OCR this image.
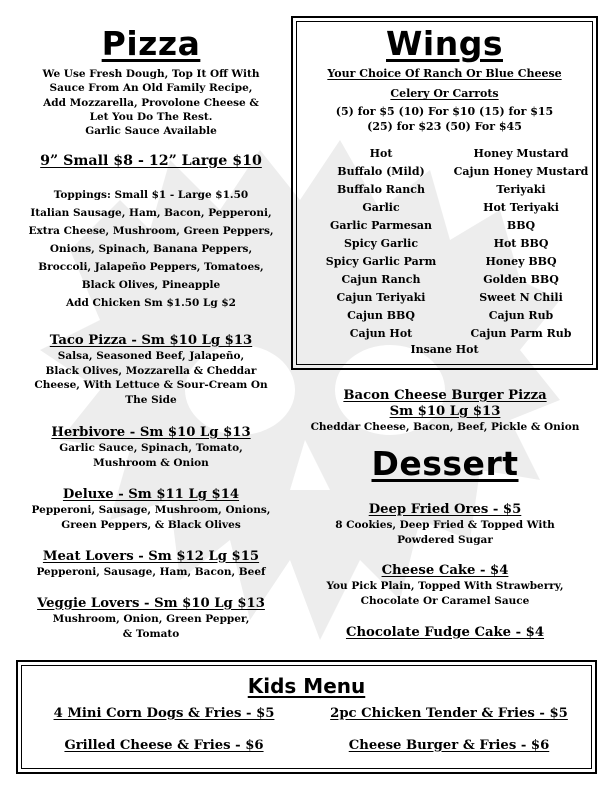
Pizza
We Use Fresh Dough, Top It Off With
Sauce From An Old Family Recipe,
Add Mozzarella, Provolone Cheese &
Let You Do The Rest.
Garlic Sauce Available
9” Small $8 - 12” Large $10
Toppings: Small $1 - Large $1.50
Italian Sausage, Ham, Bacon, Pepperoni,
Extra Cheese, Mushroom, Green Peppers,
Onions, Spinach, Banana Peppers,
Broccoli, Jalapeño Peppers, Tomatoes,
Black Olives, Pineapple
Add Chicken Sm $1.50 Lg $2
Taco Pizza - Sm $10 Lg $13
Salsa, Seasoned Beef, Jalapeño,
Black Olives, Mozzarella & Cheddar
Cheese, With Lettuce & Sour-Cream On
The Side
Herbivore - Sm $10 Lg $13
Garlic Sauce, Spinach, Tomato,
Mushroom & Onion
Deluxe - Sm $11 Lg $14
Pepperoni, Sausage, Mushroom, Onions,
Green Peppers, & Black Olives
Meat Lovers - Sm $12 Lg $15
Pepperoni, Sausage, Ham, Bacon, Beef
Veggie Lovers - Sm $10 Lg $13
Mushroom, Onion, Green Pepper,
& Tomato
Wings
Your Choice Of Ranch Or Blue Cheese
Celery Or Carrots
(5) for $5 (10) For $10 (15) for $15
(25) for $23 (50) For $45
Hot
Buffalo (Mild)
Buffalo Ranch
Garlic
Garlic Parmesan
Spicy Garlic
Spicy Garlic Parm
Cajun Ranch
Cajun Teriyaki
Cajun BBQ
Cajun Hot
Honey Mustard
Cajun Honey Mustard
Teriyaki
Hot Teriyaki
BBQ
Hot BBQ
Honey BBQ
Golden BBQ
Sweet N Chili
Cajun Rub
Cajun Parm Rub
Insane Hot
Bacon Cheese Burger Pizza
Sm $10 Lg $13
Cheddar Cheese, Bacon, Beef, Pickle & Onion
Dessert
Deep Fried Ores - $5
8 Cookies, Deep Fried & Topped With
Powdered Sugar
Cheese Cake - $4
You Pick Plain, Topped With Strawberry,
Chocolate Or Caramel Sauce
Chocolate Fudge Cake - $4
Kids Menu
4 Mini Corn Dogs & Fries - $5	2pc Chicken Tender & Fries - $5
Grilled Cheese & Fries - $6	Cheese Burger & Fries - $6
